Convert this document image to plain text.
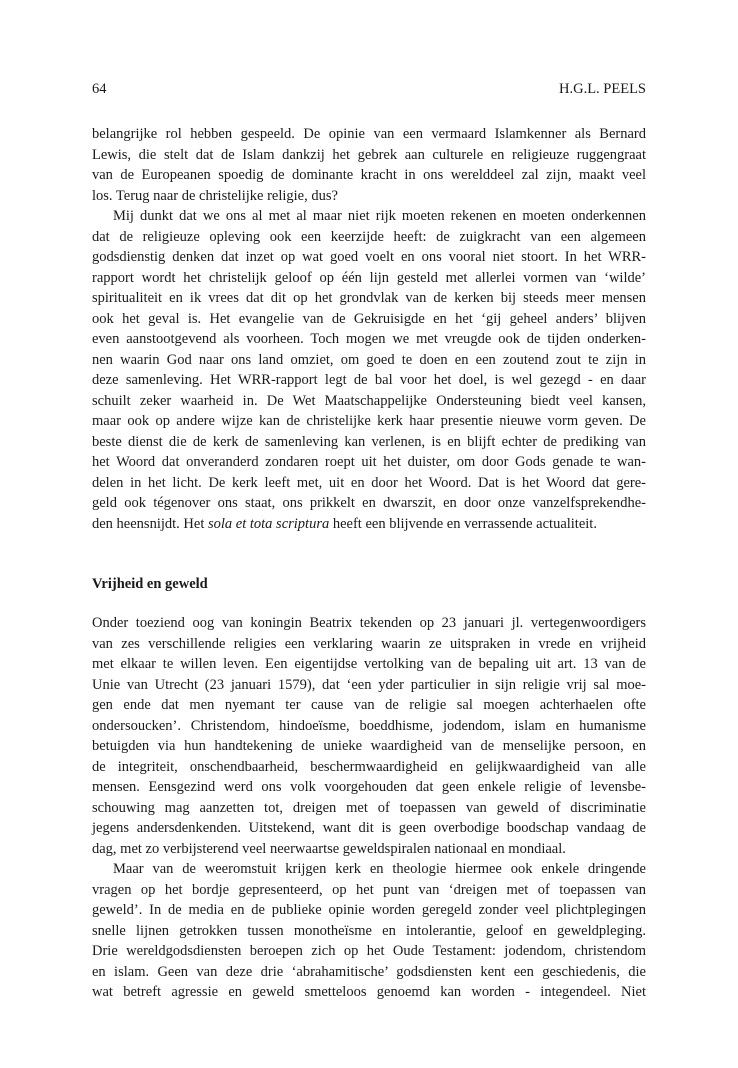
64	H.G.L. PEELS
belangrijke rol hebben gespeeld. De opinie van een vermaard Islamkenner als Bernard
Lewis, die stelt dat de Islam dankzij het gebrek aan culturele en religieuze ruggengraat
van de Europeanen spoedig de dominante kracht in ons werelddeel zal zijn, maakt veel
los. Terug naar de christelijke religie, dus?
Mij dunkt dat we ons al met al maar niet rijk moeten rekenen en moeten onderkennen
dat de religieuze opleving ook een keerzijde heeft: de zuigkracht van een algemeen
godsdienstig denken dat inzet op wat goed voelt en ons vooral niet stoort. In het WRR-
rapport wordt het christelijk geloof op één lijn gesteld met allerlei vormen van ‘wilde’
spiritualiteit en ik vrees dat dit op het grondvlak van de kerken bij steeds meer mensen
ook het geval is. Het evangelie van de Gekruisigde en het ‘gij geheel anders’ blijven
even aanstootgevend als voorheen. Toch mogen we met vreugde ook de tijden onderken-
nen waarin God naar ons land omziet, om goed te doen en een zoutend zout te zijn in
deze samenleving. Het WRR-rapport legt de bal voor het doel, is wel gezegd - en daar
schuilt zeker waarheid in. De Wet Maatschappelijke Ondersteuning biedt veel kansen,
maar ook op andere wijze kan de christelijke kerk haar presentie nieuwe vorm geven. De
beste dienst die de kerk de samenleving kan verlenen, is en blijft echter de prediking van
het Woord dat onveranderd zondaren roept uit het duister, om door Gods genade te wan-
delen in het licht. De kerk leeft met, uit en door het Woord. Dat is het Woord dat gere-
geld ook tégenover ons staat, ons prikkelt en dwarszit, en door onze vanzelfsprekendhe-
den heensnijdt. Het sola et tota scriptura heeft een blijvende en verrassende actualiteit.
Vrijheid en geweld
Onder toeziend oog van koningin Beatrix tekenden op 23 januari jl. vertegenwoordigers
van zes verschillende religies een verklaring waarin ze uitspraken in vrede en vrijheid
met elkaar te willen leven. Een eigentijdse vertolking van de bepaling uit art. 13 van de
Unie van Utrecht (23 januari 1579), dat ‘een yder particulier in sijn religie vrij sal moe-
gen ende dat men nyemant ter cause van de religie sal moegen achterhaelen ofte
ondersoucken’. Christendom, hindoeïsme, boeddhisme, jodendom, islam en humanisme
betuigden via hun handtekening de unieke waardigheid van de menselijke persoon, en
de integriteit, onschendbaarheid, beschermwaardigheid en gelijkwaardigheid van alle
mensen. Eensgezind werd ons volk voorgehouden dat geen enkele religie of levensbe-
schouwing mag aanzetten tot, dreigen met of toepassen van geweld of discriminatie
jegens andersdenkenden. Uitstekend, want dit is geen overbodige boodschap vandaag de
dag, met zo verbijsterend veel neerwaartse geweldspiralen nationaal en mondiaal.
Maar van de weeromstuit krijgen kerk en theologie hiermee ook enkele dringende
vragen op het bordje gepresenteerd, op het punt van ‘dreigen met of toepassen van
geweld’. In de media en de publieke opinie worden geregeld zonder veel plichtplegingen
snelle lijnen getrokken tussen monotheïsme en intolerantie, geloof en geweldpleging.
Drie wereldgodsdiensten beroepen zich op het Oude Testament: jodendom, christendom
en islam. Geen van deze drie ‘abrahamitische’ godsdiensten kent een geschiedenis, die
wat betreft agressie en geweld smetteloos genoemd kan worden - integendeel. Niet
